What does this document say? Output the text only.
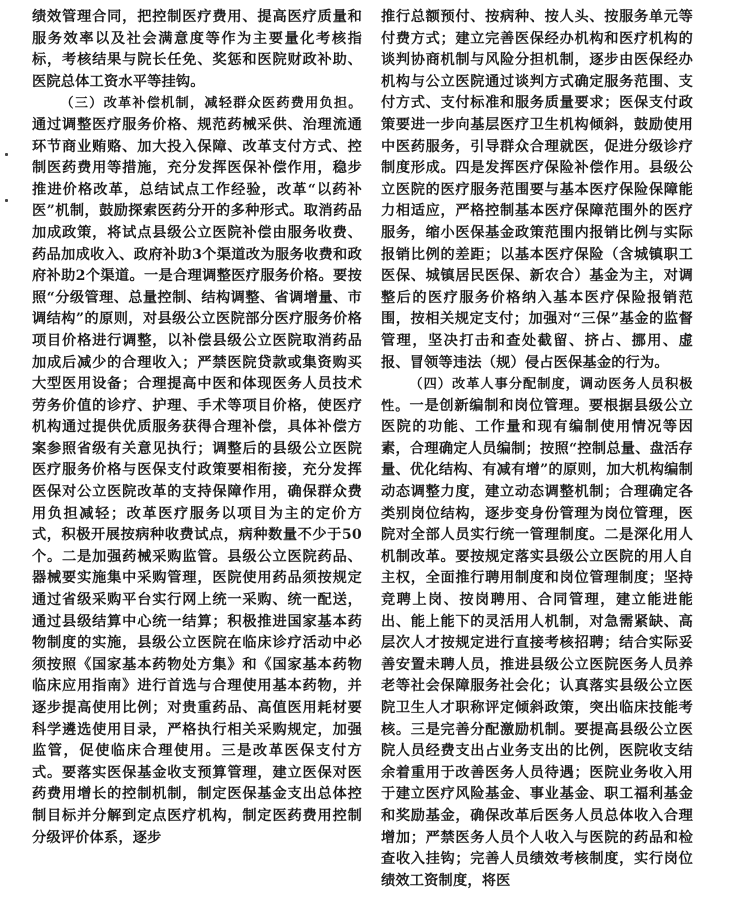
绩效管理合同，把控制医疗费用、提高医疗质量和服务效率以及社会满意度等作为主要量化考核指标，考核结果与院长任免、奖惩和医院财政补助、医院总体工资水平等挂钩。

（三）改革补偿机制，减轻群众医药费用负担。通过调整医疗服务价格、规范药械采供、治理流通环节商业贿赂、加大投入保障、改革支付方式、控制医药费用等措施，充分发挥医保补偿作用，稳步推进价格改革，总结试点工作经验，改革“以药补医”机制，鼓励探索医药分开的多种形式。取消药品加成政策，将试点县级公立医院补偿由服务收费、药品加成收入、政府补助3个渠道改为服务收费和政府补助2个渠道。一是合理调整医疗服务价格。要按照“分级管理、总量控制、结构调整、省调增量、市调结构”的原则，对县级公立医院部分医疗服务价格项目价格进行调整，以补偿县级公立医院取消药品加成后减少的合理收入；严禁医院贷款或集资购买大型医用设备；合理提高中医和体现医务人员技术劳务价值的诊疗、护理、手术等项目价格，使医疗机构通过提供优质服务获得合理补偿，具体补偿方案参照省级有关意见执行；调整后的县级公立医院医疗服务价格与医保支付政策要相衔接，充分发挥医保对公立医院改革的支持保障作用，确保群众费用负担减轻；改革医疗服务以项目为主的定价方式，积极开展按病种收费试点，病种数量不少于50个。二是加强药械采购监管。县级公立医院药品、器械要实施集中采购管理，医院使用药品须按规定通过省级采购平台实行网上统一采购、统一配送，通过县级结算中心统一结算；积极推进国家基本药物制度的实施，县级公立医院在临床诊疗活动中必须按照《国家基本药物处方集》和《国家基本药物临床应用指南》进行首选与合理使用基本药物，并逐步提高使用比例；对贵重药品、高值医用耗材要科学遴选使用目录，严格执行相关采购规定，加强监管，促使临床合理使用。三是改革医保支付方式。要落实医保基金收支预算管理，建立医保对医药费用增长的控制机制，制定医保基金支出总体控制目标并分解到定点医疗机构，制定医药费用控制分级评价体系，逐步

推行总额预付、按病种、按人头、按服务单元等付费方式；建立完善医保经办机构和医疗机构的谈判协商机制与风险分担机制，逐步由医保经办机构与公立医院通过谈判方式确定服务范围、支付方式、支付标准和服务质量要求；医保支付政策要进一步向基层医疗卫生机构倾斜，鼓励使用中医药服务，引导群众合理就医，促进分级诊疗制度形成。四是发挥医疗保险补偿作用。县级公立医院的医疗服务范围要与基本医疗保险保障能力相适应，严格控制基本医疗保障范围外的医疗服务，缩小医保基金政策范围内报销比例与实际报销比例的差距；以基本医疗保险（含城镇职工医保、城镇居民医保、新农合）基金为主，对调整后的医疗服务价格纳入基本医疗保险报销范围，按相关规定支付；加强对“三保”基金的监督管理，坚决打击和查处截留、挤占、挪用、虚报、冒领等违法（规）侵占医保基金的行为。

（四）改革人事分配制度，调动医务人员积极性。一是创新编制和岗位管理。要根据县级公立医院的功能、工作量和现有编制使用情况等因素，合理确定人员编制；按照“控制总量、盘活存量、优化结构、有减有增”的原则，加大机构编制动态调整力度，建立动态调整机制；合理确定各类别岗位结构，逐步变身份管理为岗位管理，医院对全部人员实行统一管理制度。二是深化用人机制改革。要按规定落实县级公立医院的用人自主权，全面推行聘用制度和岗位管理制度；坚持竞聘上岗、按岗聘用、合同管理，建立能进能出、能上能下的灵活用人机制，对急需紧缺、高层次人才按规定进行直接考核招聘；结合实际妥善安置未聘人员，推进县级公立医院医务人员养老等社会保障服务社会化；认真落实县级公立医院卫生人才职称评定倾斜政策，突出临床技能考核。三是完善分配激励机制。要提高县级公立医院人员经费支出占业务支出的比例，医院收支结余着重用于改善医务人员待遇；医院业务收入用于建立医疗风险基金、事业基金、职工福利基金和奖励基金，确保改革后医务人员总体收入合理增加；严禁医务人员个人收入与医院的药品和检查收入挂钩；完善人员绩效考核制度，实行岗位绩效工资制度，将医
